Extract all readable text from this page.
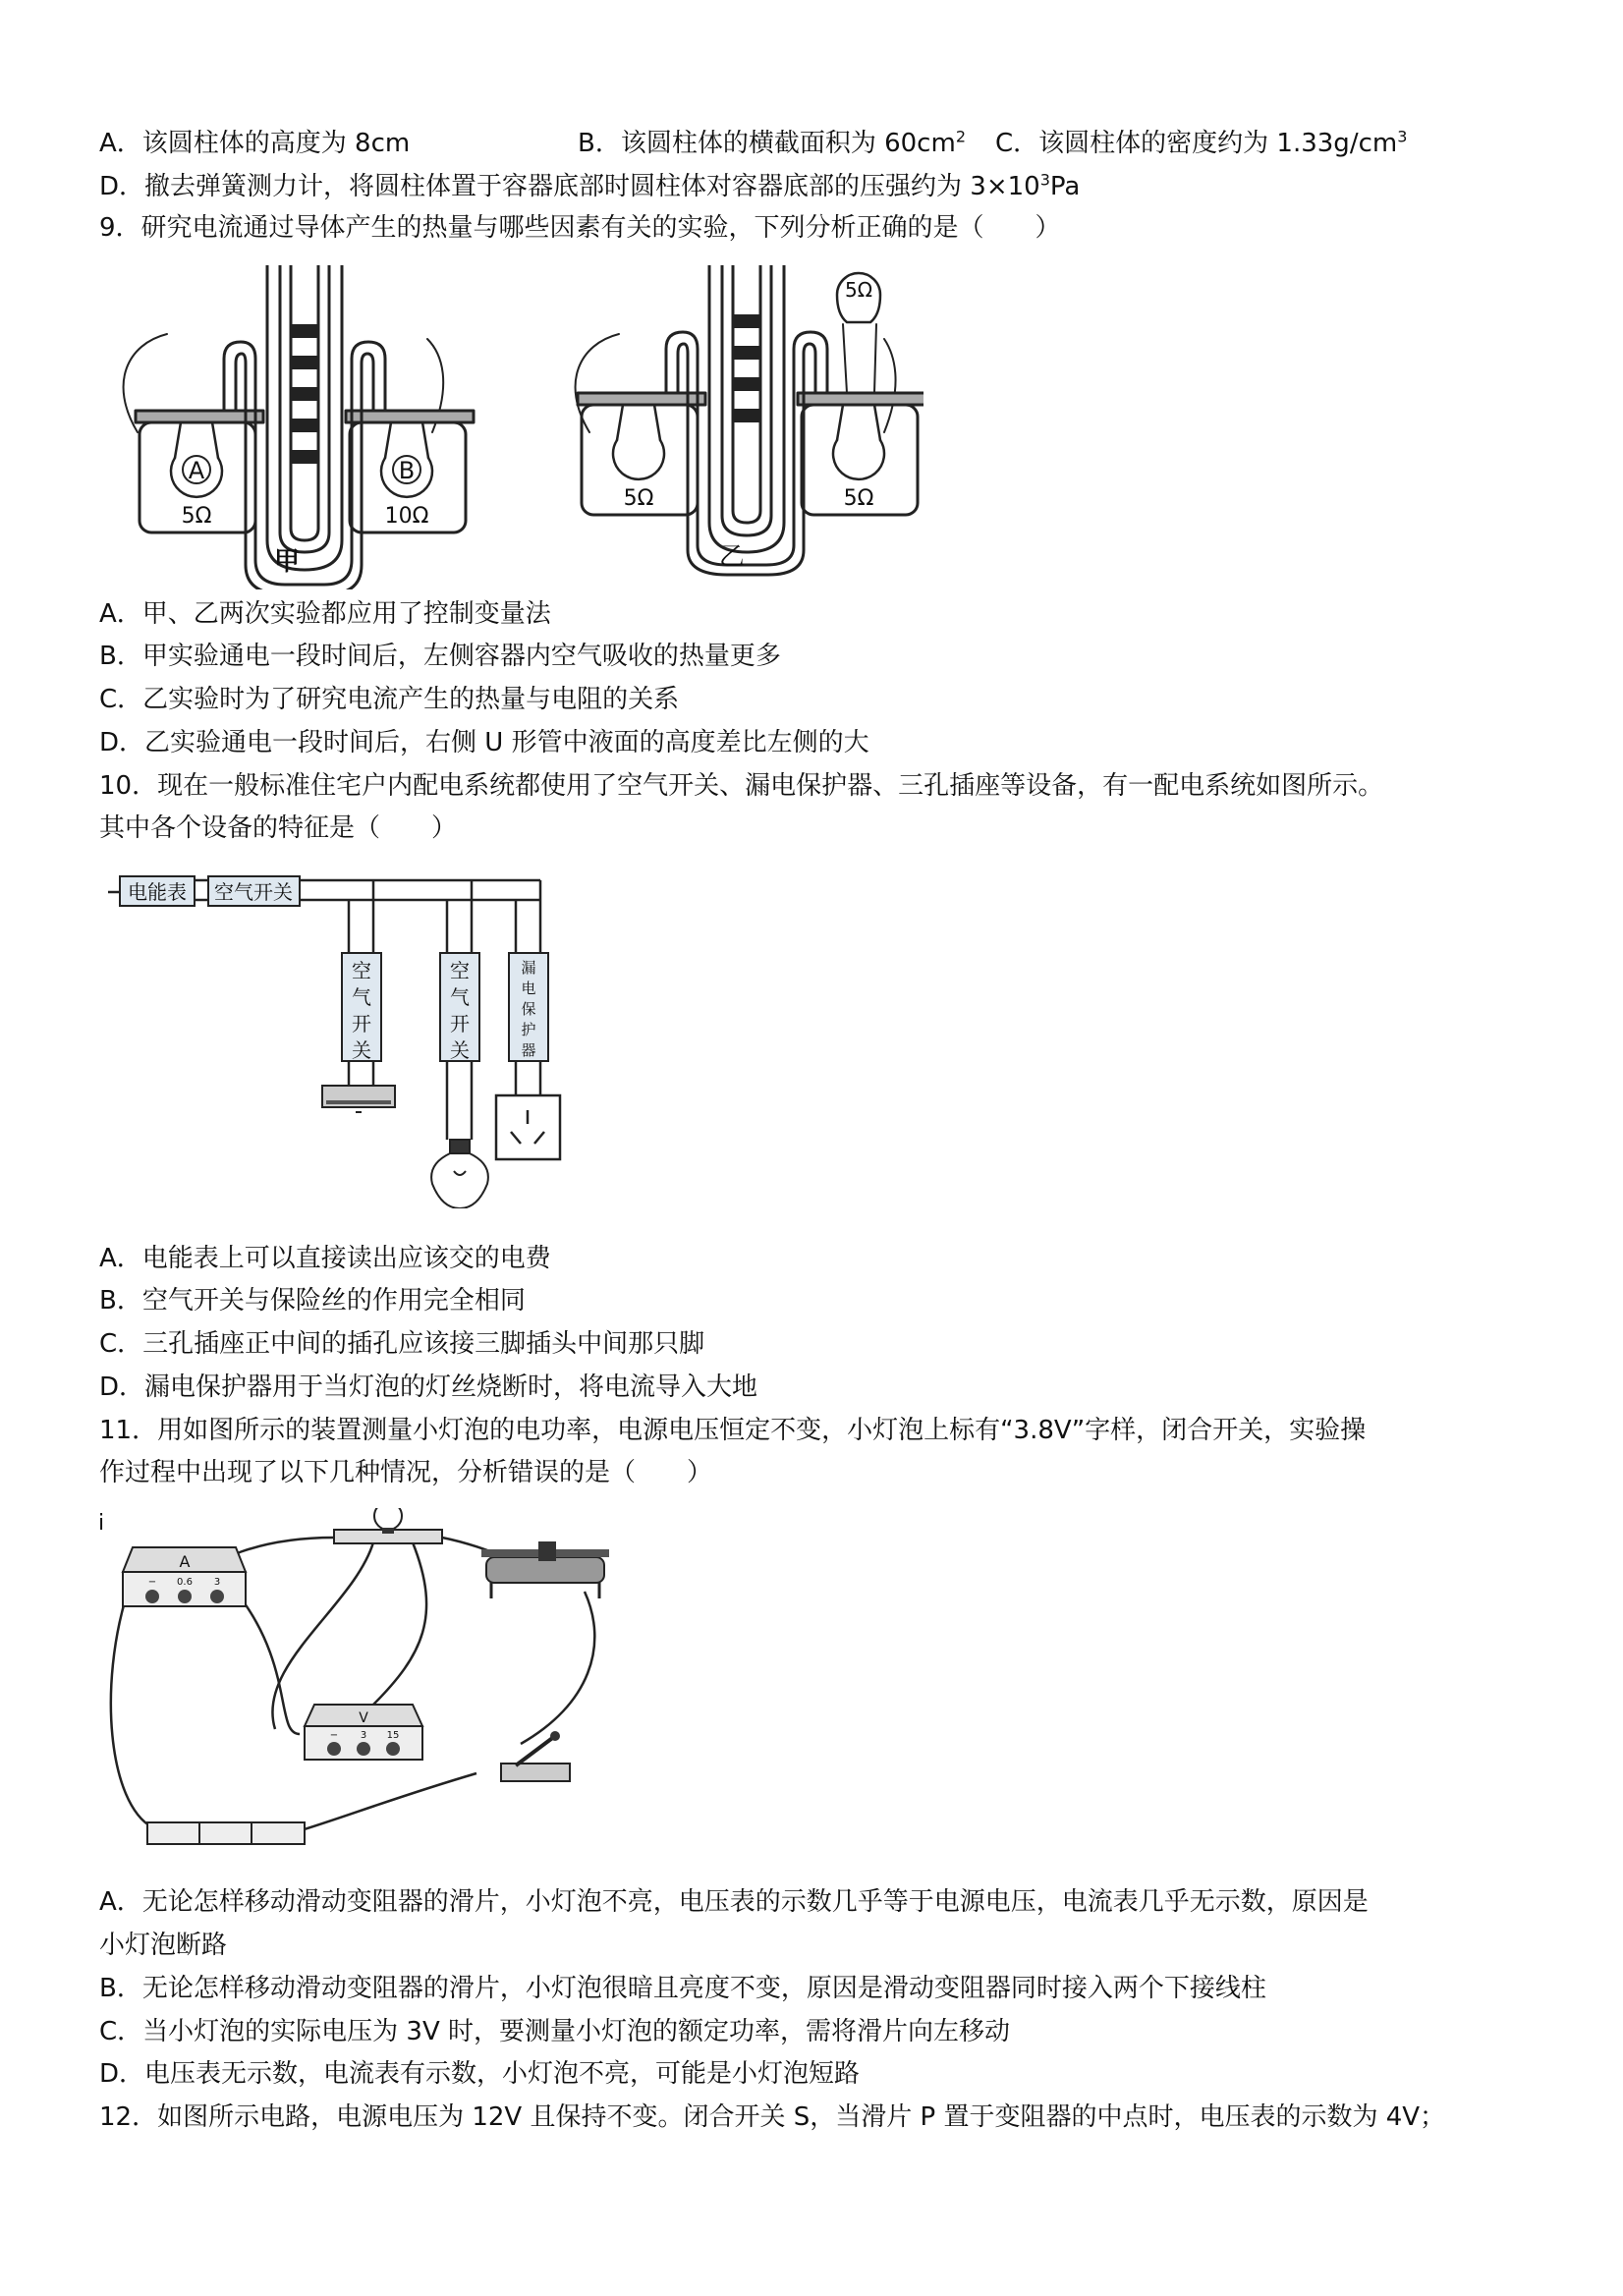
A．该圆柱体的高度为 8cm	B．该圆柱体的横截面积为 $60cm^2$ C．该圆柱体的密度约为 $1.33g/cm^3$
D．撤去弹簧测力计，将圆柱体置于容器底部时圆柱体对容器底部的压强约为 $3\times 10^3Pa$
9．研究电流通过导体产生的热量与哪些因素有关的实验，下列分析正确的是（　　）
A
5Ω
B
10Ω
甲
5Ω
5Ω	5Ω
乙
A．甲、乙两次实验都应用了控制变量法
B．甲实验通电一段时间后，左侧容器内空气吸收的热量更多
C．乙实验时为了研究电流产生的热量与电阻的关系
D．乙实验通电一段时间后，右侧 U 形管中液面的高度差比左侧的大
10．现在一般标准住宅户内配电系统都使用了空气开关、漏电保护器、三孔插座等设备，有一配电系统如图所示。
其中各个设备的特征是（　　）
电能表 空气开关
空
气
开
关
空
气
开
关
漏
电
保
护
器
A．电能表上可以直接读出应该交的电费
B．空气开关与保险丝的作用完全相同
C．三孔插座正中间的插孔应该接三脚插头中间那只脚
D．漏电保护器用于当灯泡的灯丝烧断时，将电流导入大地
11．用如图所示的装置测量小灯泡的电功率，电源电压恒定不变，小灯泡上标有“3.8V”字样，闭合开关，实验操
作过程中出现了以下几种情况，分析错误的是（　　）
ⅰ
A
− 0.6 3
V
− 3 15
A．无论怎样移动滑动变阻器的滑片，小灯泡不亮，电压表的示数几乎等于电源电压，电流表几乎无示数，原因是
小灯泡断路
B．无论怎样移动滑动变阻器的滑片，小灯泡很暗且亮度不变，原因是滑动变阻器同时接入两个下接线柱
C．当小灯泡的实际电压为 3V 时，要测量小灯泡的额定功率，需将滑片向左移动
D．电压表无示数，电流表有示数，小灯泡不亮，可能是小灯泡短路
12．如图所示电路，电源电压为 12V 且保持不变。闭合开关 S，当滑片 P 置于变阻器的中点时，电压表的示数为 4V；
